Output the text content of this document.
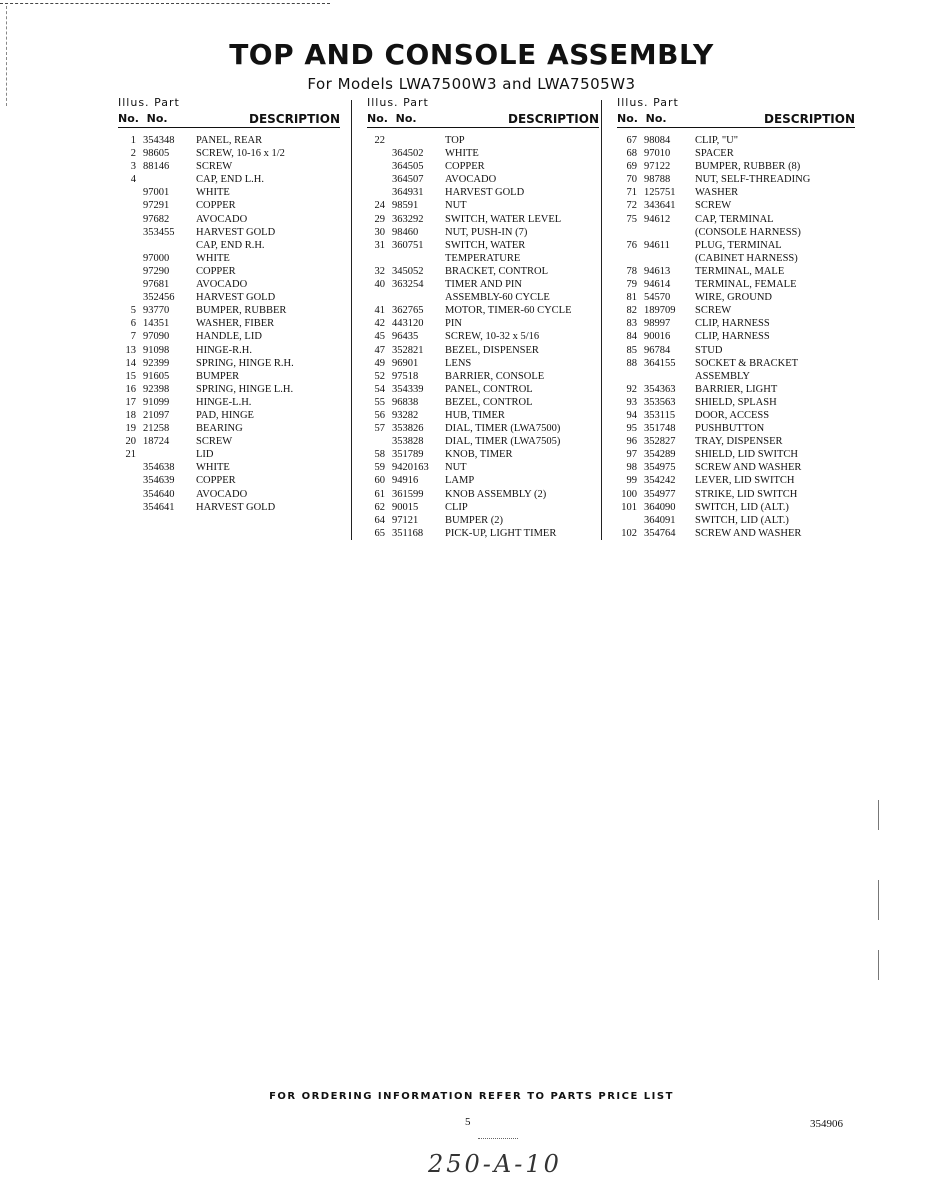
TOP AND CONSOLE ASSEMBLY
For Models LWA7500W3 and LWA7505W3
Illus. Part
No. No.	DESCRIPTION
1 354348 PANEL, REAR
2 98605	SCREW, 10-16 x 1/2
3 88146	SCREW
4	CAP, END L.H.
97001	WHITE
97291	COPPER
97682	AVOCADO
353455 HARVEST GOLD
CAP, END R.H.
97000	WHITE
97290	COPPER
97681	AVOCADO
352456 HARVEST GOLD
5 93770	BUMPER, RUBBER
6 14351	WASHER, FIBER
7 97090	HANDLE, LID
13 91098	HINGE-R.H.
14 92399	SPRING, HINGE R.H.
15 91605	BUMPER
16 92398	SPRING, HINGE L.H.
17 91099	HINGE-L.H.
18 21097	PAD, HINGE
19 21258	BEARING
20 18724	SCREW
21	LID
354638 WHITE
354639 COPPER
354640 AVOCADO
354641 HARVEST GOLD
Illus. Part
No. No.	DESCRIPTION
22	TOP
364502 WHITE
364505 COPPER
364507 AVOCADO
364931 HARVEST GOLD
24 98591	NUT
29 363292 SWITCH, WATER LEVEL
30 98460	NUT, PUSH-IN (7)
31 360751 SWITCH, WATER
TEMPERATURE
32 345052 BRACKET, CONTROL
40 363254 TIMER AND PIN
ASSEMBLY-60 CYCLE
41 362765 MOTOR, TIMER-60 CYCLE
42 443120 PIN
45 96435	SCREW, 10-32 x 5/16
47 352821 BEZEL, DISPENSER
49 96901	LENS
52 97518	BARRIER, CONSOLE
54 354339 PANEL, CONTROL
55 96838	BEZEL, CONTROL
56 93282	HUB, TIMER
57 353826 DIAL, TIMER (LWA7500)
353828 DIAL, TIMER (LWA7505)
58 351789 KNOB, TIMER
59 9420163 NUT
60 94916	LAMP
61 361599 KNOB ASSEMBLY (2)
62 90015	CLIP
64 97121	BUMPER (2)
65 351168 PICK-UP, LIGHT TIMER
Illus. Part
No. No.	DESCRIPTION
67 98084 CLIP, "U"
68 97010 SPACER
69 97122 BUMPER, RUBBER (8)
70 98788 NUT, SELF-THREADING
71 125751 WASHER
72 343641 SCREW
75 94612 CAP, TERMINAL
(CONSOLE HARNESS)
76 94611 PLUG, TERMINAL
(CABINET HARNESS)
78 94613 TERMINAL, MALE
79 94614 TERMINAL, FEMALE
81 54570 WIRE, GROUND
82 189709 SCREW
83 98997 CLIP, HARNESS
84 90016 CLIP, HARNESS
85 96784 STUD
88 364155 SOCKET & BRACKET
ASSEMBLY
92 354363 BARRIER, LIGHT
93 353563 SHIELD, SPLASH
94 353115 DOOR, ACCESS
95 351748 PUSHBUTTON
96 352827 TRAY, DISPENSER
97 354289 SHIELD, LID SWITCH
98 354975 SCREW AND WASHER
99 354242 LEVER, LID SWITCH
100 354977 STRIKE, LID SWITCH
101 364090 SWITCH, LID (ALT.)
364091 SWITCH, LID (ALT.)
102 354764 SCREW AND WASHER
FOR ORDERING INFORMATION REFER TO PARTS PRICE LIST
5	354906
250-A-10
